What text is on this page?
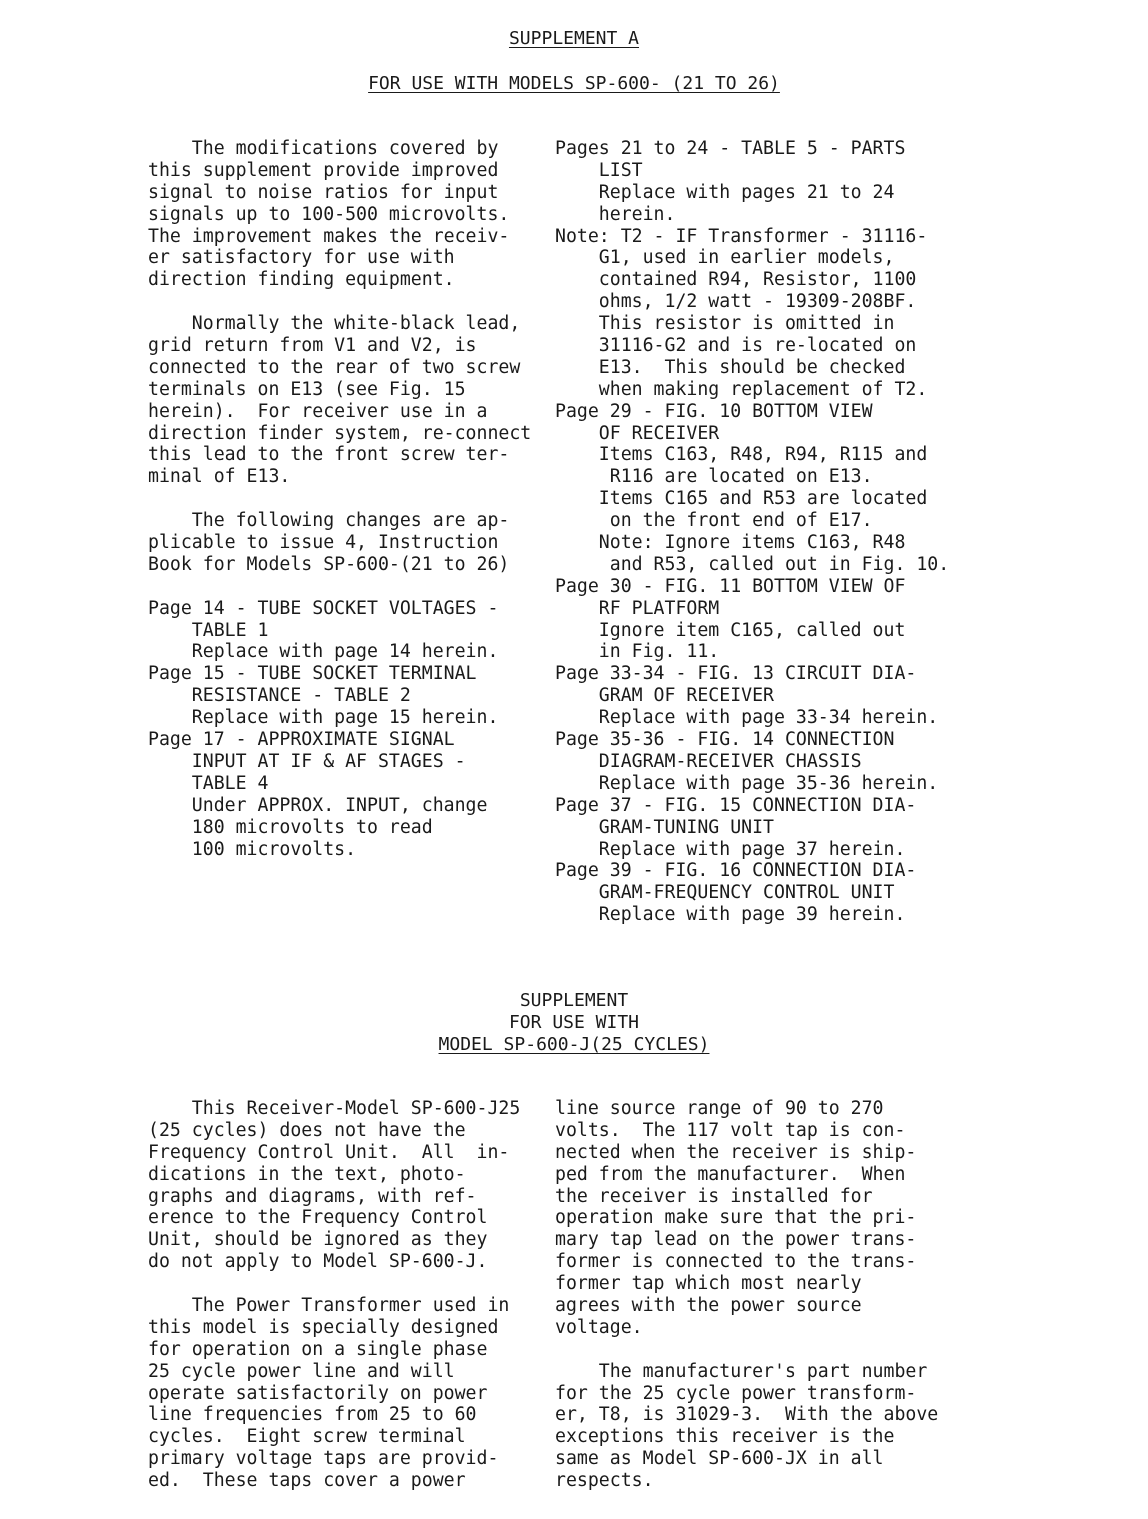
SUPPLEMENT A
FOR USE WITH MODELS SP-600- (21 TO 26)
The modifications covered by
this supplement provide improved
signal to noise ratios for input
signals up to 100-500 microvolts.
The improvement makes the receiv-
er satisfactory for use with
direction finding equipment.
Normally the white-black lead,
grid return from V1 and V2, is
connected to the rear of two screw
terminals on E13 (see Fig. 15
herein).  For receiver use in a
direction finder system, re-connect
this lead to the front screw ter-
minal of E13.
The following changes are ap-
plicable to issue 4, Instruction
Book for Models SP-600-(21 to 26)
Page 14 - TUBE SOCKET VOLTAGES -
TABLE 1
Replace with page 14 herein.
Page 15 - TUBE SOCKET TERMINAL
RESISTANCE - TABLE 2
Replace with page 15 herein.
Page 17 - APPROXIMATE SIGNAL
INPUT AT IF & AF STAGES -
TABLE 4
Under APPROX. INPUT, change
180 microvolts to read
100 microvolts.
Pages 21 to 24 - TABLE 5 - PARTS
LIST
Replace with pages 21 to 24
herein.
Note: T2 - IF Transformer - 31116-
G1, used in earlier models,
contained R94, Resistor, 1100
ohms, 1/2 watt - 19309-208BF.
This resistor is omitted in
31116-G2 and is re-located on
E13.  This should be checked
when making replacement of T2.
Page 29 - FIG. 10 BOTTOM VIEW
OF RECEIVER
Items C163, R48, R94, R115 and
R116 are located on E13.
Items C165 and R53 are located
on the front end of E17.
Note: Ignore items C163, R48
and R53, called out in Fig. 10.
Page 30 - FIG. 11 BOTTOM VIEW OF
RF PLATFORM
Ignore item C165, called out
in Fig. 11.
Page 33-34 - FIG. 13 CIRCUIT DIA-
GRAM OF RECEIVER
Replace with page 33-34 herein.
Page 35-36 - FIG. 14 CONNECTION
DIAGRAM-RECEIVER CHASSIS
Replace with page 35-36 herein.
Page 37 - FIG. 15 CONNECTION DIA-
GRAM-TUNING UNIT
Replace with page 37 herein.
Page 39 - FIG. 16 CONNECTION DIA-
GRAM-FREQUENCY CONTROL UNIT
Replace with page 39 herein.
SUPPLEMENT
FOR USE WITH
MODEL SP-600-J(25 CYCLES)
This Receiver-Model SP-600-J25
(25 cycles) does not have the
Frequency Control Unit.  All  in-
dications in the text, photo-
graphs and diagrams, with ref-
erence to the Frequency Control
Unit, should be ignored as they
do not apply to Model SP-600-J.
The Power Transformer used in
this model is specially designed
for operation on a single phase
25 cycle power line and will
operate satisfactorily on power
line frequencies from 25 to 60
cycles.  Eight screw terminal
primary voltage taps are provid-
ed.  These taps cover a power
line source range of 90 to 270
volts.  The 117 volt tap is con-
nected when the receiver is ship-
ped from the manufacturer.  When
the receiver is installed for
operation make sure that the pri-
mary tap lead on the power trans-
former is connected to the trans-
former tap which most nearly
agrees with the power source
voltage.
The manufacturer's part number
for the 25 cycle power transform-
er, T8, is 31029-3.  With the above
exceptions this receiver is the
same as Model SP-600-JX in all
respects.
